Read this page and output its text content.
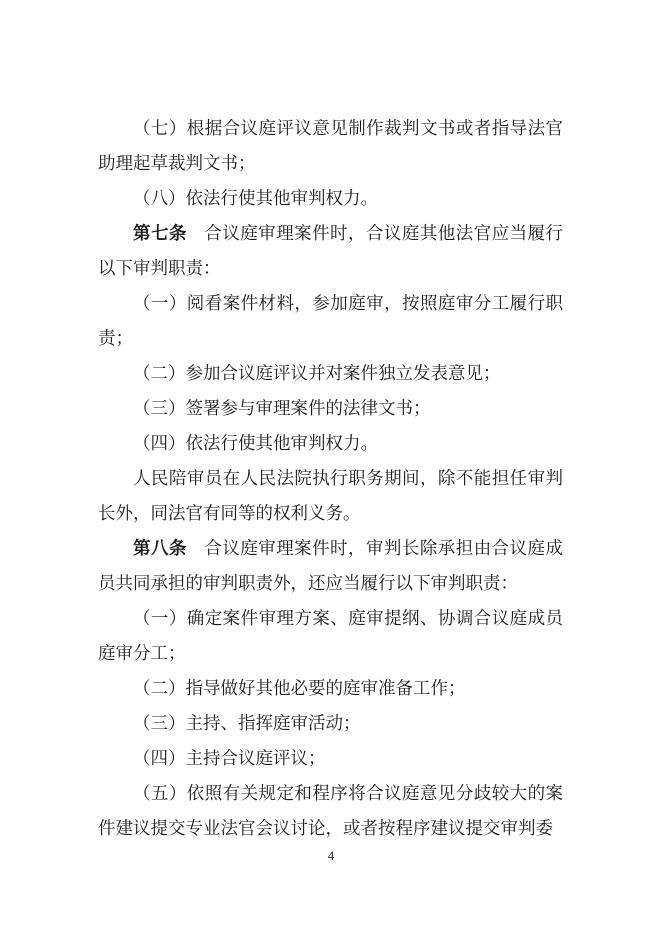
（七）根据合议庭评议意见制作裁判文书或者指导法官助理起草裁判文书；

（八）依法行使其他审判权力。

第七条 合议庭审理案件时，合议庭其他法官应当履行以下审判职责：

（一）阅看案件材料，参加庭审，按照庭审分工履行职责；

（二）参加合议庭评议并对案件独立发表意见；

（三）签署参与审理案件的法律文书；

（四）依法行使其他审判权力。

人民陪审员在人民法院执行职务期间，除不能担任审判长外，同法官有同等的权利义务。

第八条 合议庭审理案件时，审判长除承担由合议庭成员共同承担的审判职责外，还应当履行以下审判职责：

（一）确定案件审理方案、庭审提纲、协调合议庭成员庭审分工；

（二）指导做好其他必要的庭审准备工作；

（三）主持、指挥庭审活动；

（四）主持合议庭评议；

（五）依照有关规定和程序将合议庭意见分歧较大的案件建议提交专业法官会议讨论，或者按程序建议提交审判委

4
